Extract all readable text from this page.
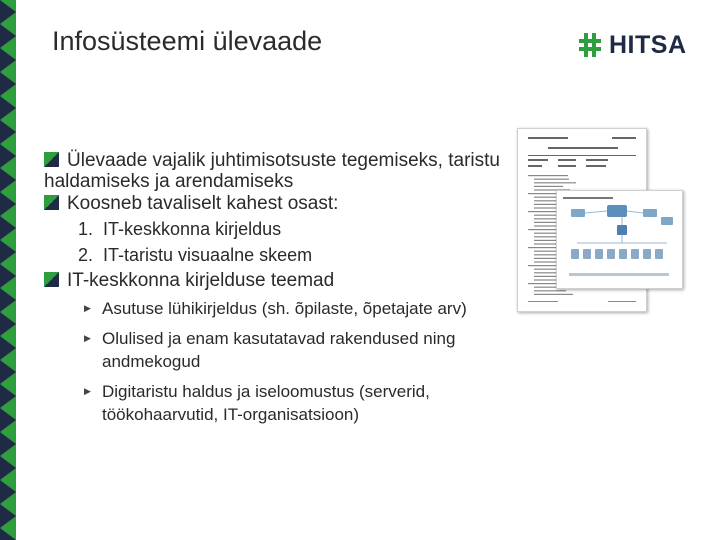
Infosüsteemi ülevaade	HITSA
Ülevaade vajalik juhtimisotsuste tegemiseks, taristu haldamiseks ja arendamiseks
Koosneb tavaliselt kahest osast:
1. IT-keskkonna kirjeldus
2. IT-taristu visuaalne skeem
IT-keskkonna kirjelduse teemad
▶ Asutuse lühikirjeldus (sh. õpilaste, õpetajate arv)
▶ Olulised ja enam kasutatavad rakendused ning andmekogud
▶ Digitaristu haldus ja iseloomustus (serverid, töökohaarvutid, IT-organisatsioon)
